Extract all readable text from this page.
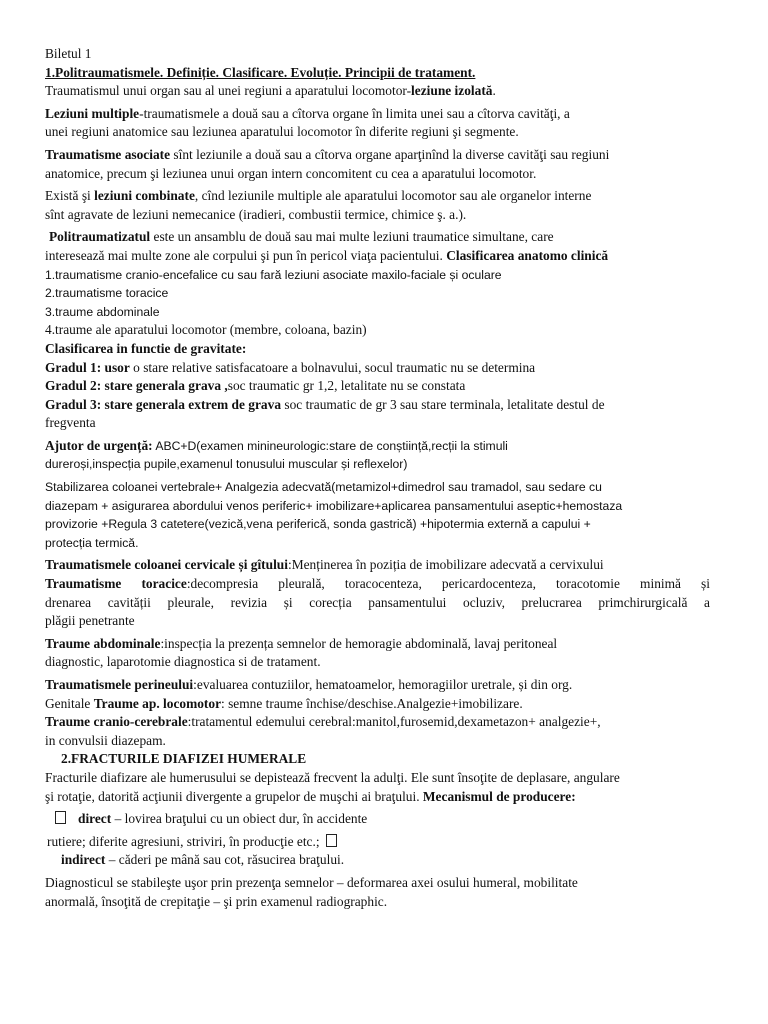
Biletul 1
1.Politraumatismele. Definiție. Clasificare. Evoluție. Principii de tratament.
Traumatismul unui organ sau al unei regiuni a aparatului locomotor-leziune izolată.
Leziuni multiple-traumatismele a două sau a cîtorva organe în limita unei sau a cîtorva cavităţi, a
unei regiuni anatomice sau leziunea aparatului locomotor în diferite regiuni şi segmente.
Traumatisme asociate sînt leziunile a două sau a cîtorva organe aparţinînd la diverse cavităţi sau regiuni
anatomice, precum şi leziunea unui organ intern concomitent cu cea a aparatului locomotor.
Există şi leziuni combinate, cînd leziunile multiple ale aparatului locomotor sau ale organelor interne
sînt agravate de leziuni nemecanice (iradieri, combustii termice, chimice ş. a.).
Politraumatizatul este un ansamblu de două sau mai multe leziuni traumatice simultane, care
interesează mai multe zone ale corpului şi pun în pericol viaţa pacientului. Clasificarea anatomo clinică
1.traumatisme cranio-encefalice cu sau fară leziuni asociate maxilo-faciale și oculare
2.traumatisme toracice
3.traume abdominale
4.traume ale aparatului locomotor (membre, coloana, bazin)
Clasificarea in functie de gravitate:
Gradul 1: usor o stare relative satisfacatoare a bolnavului, socul traumatic nu se determina
Gradul 2: stare generala grava ,soc traumatic gr 1,2, letalitate nu se constata
Gradul 3: stare generala extrem de grava soc traumatic de gr 3 sau stare terminala, letalitate destul de
fregventa
Ajutor de urgență: ABC+D(examen minineurologic:stare de conștiință,recții la stimuli
dureroși,inspecția pupile,examenul tonusului muscular și reflexelor)
Stabilizarea coloanei vertebrale+ Analgezia adecvată(metamizol+dimedrol sau tramadol, sau sedare cu
diazepam + asigurarea abordului venos periferic+ imobilizare+aplicarea pansamentului aseptic+hemostaza
provizorie +Regula 3 catetere(vezică,vena periferică, sonda gastrică) +hipotermia externă a capului +
protecția termică.
Traumatismele coloanei cervicale și gîtului:Menținerea în poziția de imobilizare adecvată a cervixului
Traumatisme toracice:decompresia pleurală, toracocenteza, pericardocenteza, toracotomie minimă și
drenarea cavității pleurale, revizia și corecția pansamentului ocluziv, prelucrarea primchirurgicală a
plăgii penetrante
Traume abdominale:inspecția la prezența semnelor de hemoragie abdominală, lavaj peritoneal
diagnostic, laparotomie diagnostica si de tratament.
Traumatismele perineului:evaluarea contuziilor, hematoamelor, hemoragiilor uretrale, și din org.
Genitale Traume ap. locomotor: semne traume închise/deschise.Analgezie+imobilizare.
Traume cranio-cerebrale:tratamentul edemului cerebral:manitol,furosemid,dexametazon+ analgezie+,
in convulsii diazepam.
2.FRACTURILE DIAFIZEI HUMERALE
Fracturile diafizare ale humerusului se depistează frecvent la adulţi. Ele sunt însoţite de deplasare, angulare
şi rotaţie, datorită acţiunii divergente a grupelor de muşchi ai braţului. Mecanismul de producere:
direct – lovirea braţului cu un obiect dur, în accidente
rutiere; diferite agresiuni, striviri, în producţie etc.;
indirect – căderi pe mână sau cot, răsucirea braţului.
Diagnosticul se stabileşte uşor prin prezenţa semnelor – deformarea axei osului humeral, mobilitate
anormală, însoţită de crepitaţie – şi prin examenul radiographic.
